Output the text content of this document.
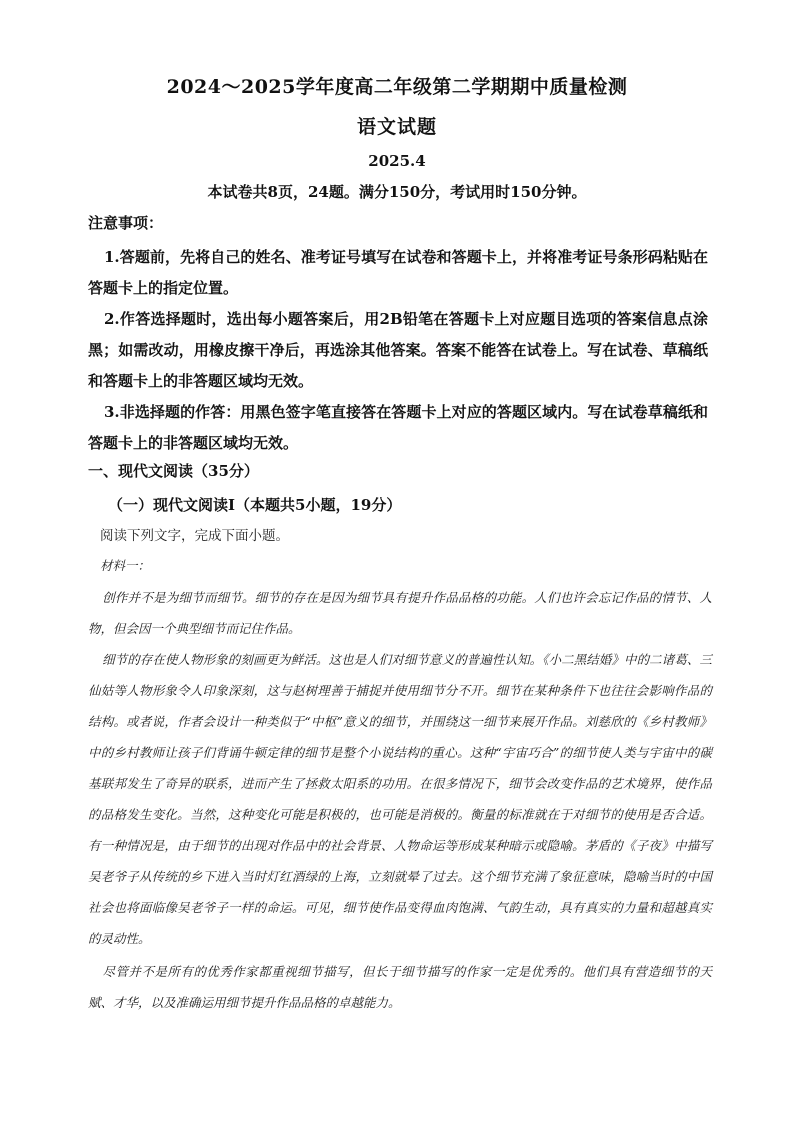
2024～2025学年度高二年级第二学期期中质量检测
语文试题
2025.4
本试卷共8页，24题。满分150分，考试用时150分钟。
注意事项：
1.答题前，先将自己的姓名、准考证号填写在试卷和答题卡上，并将准考证号条形码粘贴在答题卡上的指定位置。
2.作答选择题时，选出每小题答案后，用2B铅笔在答题卡上对应题目选项的答案信息点涂黑；如需改动，用橡皮擦干净后，再选涂其他答案。答案不能答在试卷上。写在试卷、草稿纸和答题卡上的非答题区域均无效。
3.非选择题的作答：用黑色签字笔直接答在答题卡上对应的答题区域内。写在试卷草稿纸和答题卡上的非答题区域均无效。
一、现代文阅读（35分）
（一）现代文阅读Ⅰ（本题共5小题，19分）
阅读下列文字，完成下面小题。
材料一：
创作并不是为细节而细节。细节的存在是因为细节具有提升作品品格的功能。人们也许会忘记作品的情节、人物，但会因一个典型细节而记住作品。
细节的存在使人物形象的刻画更为鲜活。这也是人们对细节意义的普遍性认知。《小二黑结婚》中的二诸葛、三仙姑等人物形象令人印象深刻，这与赵树理善于捕捉并使用细节分不开。细节在某种条件下也往往会影响作品的结构。或者说，作者会设计一种类似于“中枢”意义的细节，并围绕这一细节来展开作品。刘慈欣的《乡村教师》中的乡村教师让孩子们背诵牛顿定律的细节是整个小说结构的重心。这种“宇宙巧合”的细节使人类与宇宙中的碳基联邦发生了奇异的联系，进而产生了拯救太阳系的功用。在很多情况下，细节会改变作品的艺术境界，使作品的品格发生变化。当然，这种变化可能是积极的，也可能是消极的。衡量的标准就在于对细节的使用是否合适。有一种情况是，由于细节的出现对作品中的社会背景、人物命运等形成某种暗示或隐喻。茅盾的《子夜》中描写吴老爷子从传统的乡下进入当时灯红酒绿的上海，立刻就晕了过去。这个细节充满了象征意味，隐喻当时的中国社会也将面临像吴老爷子一样的命运。可见，细节使作品变得血肉饱满、气韵生动，具有真实的力量和超越真实的灵动性。
尽管并不是所有的优秀作家都重视细节描写，但长于细节描写的作家一定是优秀的。他们具有营造细节的天赋、才华，以及准确运用细节提升作品品格的卓越能力。
